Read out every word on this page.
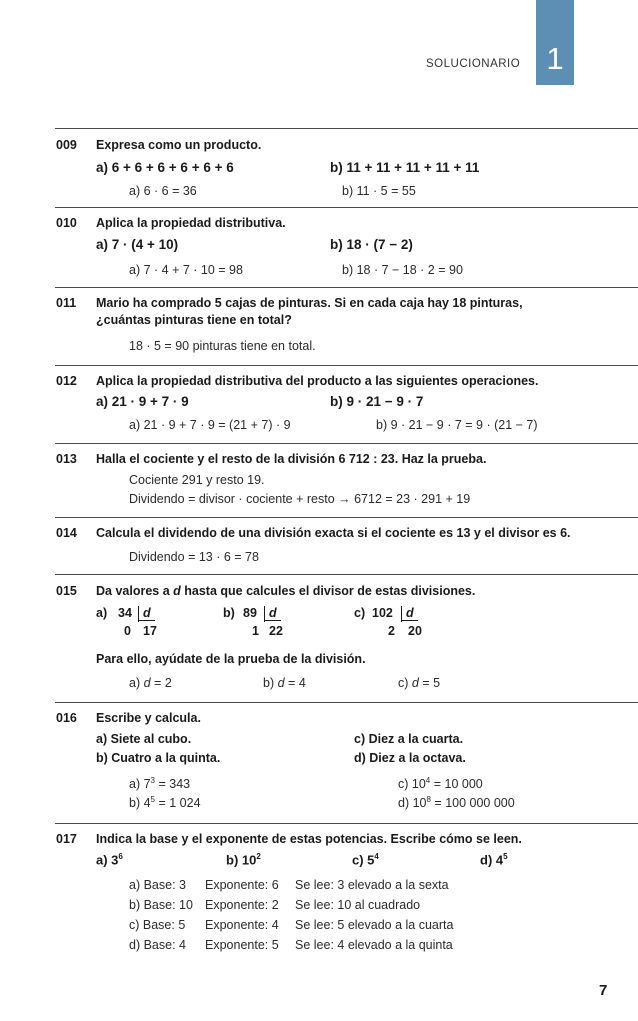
SOLUCIONARIO 1
009 Expresa como un producto.
a) 6 + 6 + 6 + 6 + 6 + 6	b) 11 + 11 + 11 + 11 + 11
a) 6 · 6 = 36	b) 11 · 5 = 55
010 Aplica la propiedad distributiva.
a) 7 · (4 + 10)	b) 18 · (7 − 2)
a) 7 · 4 + 7 · 10 = 98	b) 18 · 7 − 18 · 2 = 90
011 Mario ha comprado 5 cajas de pinturas. Si en cada caja hay 18 pinturas,
¿cuántas pinturas tiene en total?
18 · 5 = 90 pinturas tiene en total.
012 Aplica la propiedad distributiva del producto a las siguientes operaciones.
a) 21 · 9 + 7 · 9	b) 9 · 21 − 9 · 7
a) 21 · 9 + 7 · 9 = (21 + 7) · 9	b) 9 · 21 − 9 · 7 = 9 · (21 − 7)
013 Halla el cociente y el resto de la división 6 712 : 23. Haz la prueba.
Cociente 291 y resto 19.
Dividendo = divisor · cociente + resto → 6712 = 23 · 291 + 19
014 Calcula el dividendo de una división exacta si el cociente es 13 y el divisor es 6.
Dividendo = 13 · 6 = 78
015 Da valores a d hasta que calcules el divisor de estas divisiones.
a) 34 d
0 17
b) 89 d
1 22
c) 102	d
2 20
Para ello, ayúdate de la prueba de la división.
a) d = 2	b) d = 4	c) d = 5
016 Escribe y calcula.
a) Siete al cubo.	c) Diez a la cuarta.
b) Cuatro a la quinta.	d) Diez a la octava.
a) $7^3 = 343$	c) $10^4 = 10$ 000
b) $4^5 = 1$ 024	d) $10^8 = 100$ 000 000
017 Indica la base y el exponente de estas potencias. Escribe cómo se leen.
a) $3^6$	b) $10^2$	c) $5^4$	d) $4^5$
a) Base: 3 Exponente: 6 Se lee: 3 elevado a la sexta
b) Base: 10 Exponente: 2 Se lee: 10 al cuadrado
c) Base: 5 Exponente: 4 Se lee: 5 elevado a la cuarta
d) Base: 4 Exponente: 5 Se lee: 4 elevado a la quinta
7
